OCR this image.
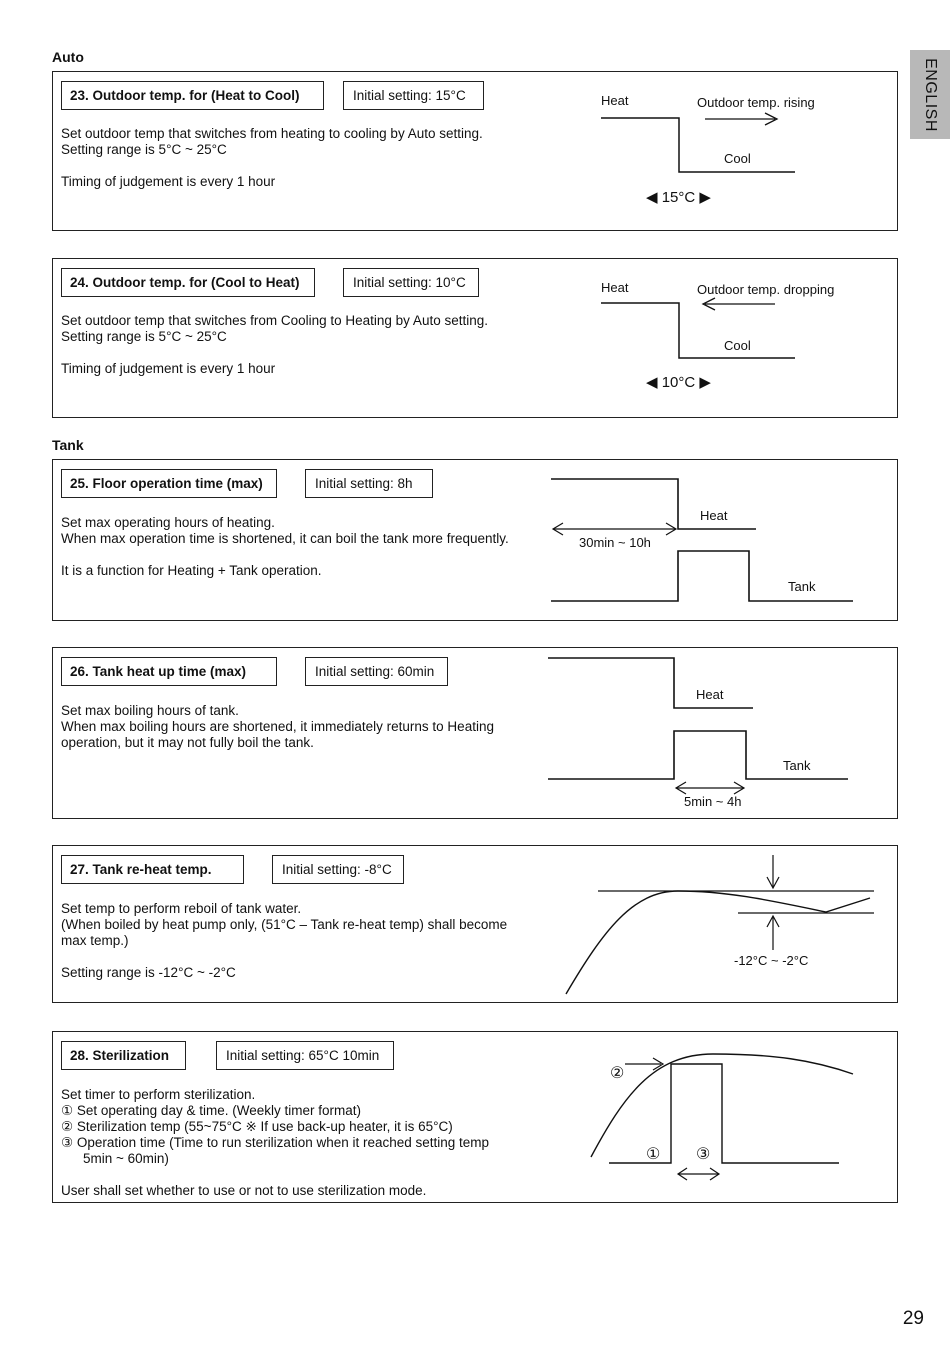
ENGLISH
Auto
23. Outdoor temp. for (Heat to Cool)	Initial setting: 15°C
Set outdoor temp that switches from heating to cooling by Auto setting.
Setting range is 5°C ~ 25°C
Timing of judgement is every 1 hour
Heat	Outdoor temp. rising
Cool
◀ 15°C ▶
24. Outdoor temp. for (Cool to Heat)	Initial setting: 10°C
Set outdoor temp that switches from Cooling to Heating by Auto setting.
Setting range is 5°C ~ 25°C
Timing of judgement is every 1 hour
Heat	Outdoor temp. dropping
Cool
◀ 10°C ▶
Tank
25. Floor operation time (max)	Initial setting: 8h
Set max operating hours of heating.
When max operation time is shortened, it can boil the tank more frequently.
It is a function for Heating + Tank operation.
Heat
30min ~ 10h
Tank
26. Tank heat up time (max)	Initial setting: 60min
Set max boiling hours of tank.
When max boiling hours are shortened, it immediately returns to Heating
operation, but it may not fully boil the tank.
Heat
Tank
5min ~ 4h
27. Tank re-heat temp.	Initial setting: -8°C
Set temp to perform reboil of tank water.
(When boiled by heat pump only, (51°C – Tank re-heat temp) shall become
max temp.)
Setting range is -12°C ~ -2°C
-12°C ~ -2°C
28. Sterilization	Initial setting: 65°C 10min
Set timer to perform sterilization.
① Set operating day & time. (Weekly timer format)
② Sterilization temp (55~75°C ※ If use back-up heater, it is 65°C)
③ Operation time (Time to run sterilization when it reached setting temp
5min ~ 60min)
User shall set whether to use or not to use sterilization mode.
②
① ③
29
